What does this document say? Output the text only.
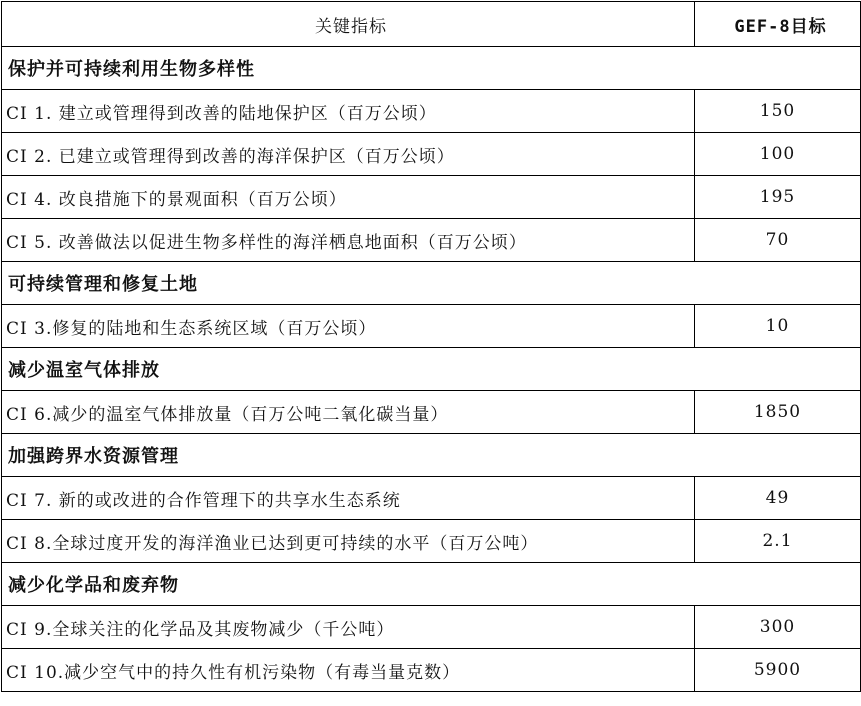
关键指标	GEF-8目标
保护并可持续利用生物多样性	
CI 1. 建立或管理得到改善的陆地保护区（百万公顷）	150
CI 2. 已建立或管理得到改善的海洋保护区（百万公顷）	100
CI 4. 改良措施下的景观面积（百万公顷）	195
CI 5. 改善做法以促进生物多样性的海洋栖息地面积（百万公顷）	70
可持续管理和修复土地	
CI 3.修复的陆地和生态系统区域（百万公顷）	10
减少温室气体排放	
CI 6.减少的温室气体排放量（百万公吨二氧化碳当量）	1850
加强跨界水资源管理	
CI 7. 新的或改进的合作管理下的共享水生态系统	49
CI 8.全球过度开发的海洋渔业已达到更可持续的水平（百万公吨）	2.1
减少化学品和废弃物	
CI 9.全球关注的化学品及其废物减少（千公吨）	300
CI 10.减少空气中的持久性有机污染物（有毒当量克数）	5900
